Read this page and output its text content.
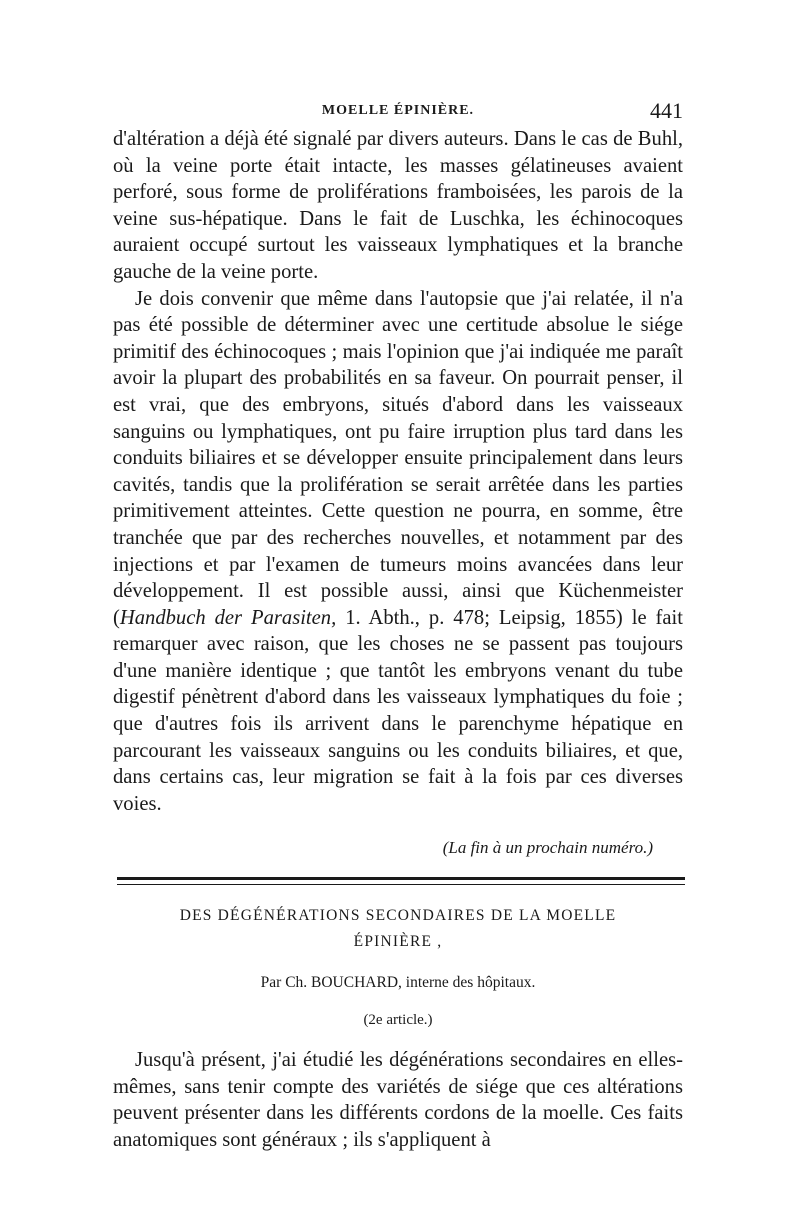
MOELLE ÉPINIÈRE.	441

d'altération a déjà été signalé par divers auteurs. Dans le cas de Buhl, où la veine porte était intacte, les masses gélatineuses avaient perforé, sous forme de proliférations framboisées, les parois de la veine sus-hépatique. Dans le fait de Luschka, les échinocoques auraient occupé surtout les vaisseaux lymphatiques et la branche gauche de la veine porte.

Je dois convenir que même dans l'autopsie que j'ai relatée, il n'a pas été possible de déterminer avec une certitude absolue le siége primitif des échinocoques ; mais l'opinion que j'ai indiquée me paraît avoir la plupart des probabilités en sa faveur. On pourrait penser, il est vrai, que des embryons, situés d'abord dans les vaisseaux sanguins ou lymphatiques, ont pu faire irruption plus tard dans les conduits biliaires et se développer ensuite principalement dans leurs cavités, tandis que la prolifération se serait arrêtée dans les parties primitivement atteintes. Cette question ne pourra, en somme, être tranchée que par des recherches nouvelles, et notamment par des injections et par l'examen de tumeurs moins avancées dans leur développement. Il est possible aussi, ainsi que Küchenmeister (Handbuch der Parasiten, 1. Abth., p. 478; Leipsig, 1855) le fait remarquer avec raison, que les choses ne se passent pas toujours d'une manière identique ; que tantôt les embryons venant du tube digestif pénètrent d'abord dans les vaisseaux lymphatiques du foie ; que d'autres fois ils arrivent dans le parenchyme hépatique en parcourant les vaisseaux sanguins ou les conduits biliaires, et que, dans certains cas, leur migration se fait à la fois par ces diverses voies.

(La fin à un prochain numéro.)
DES DÉGÉNÉRATIONS SECONDAIRES DE LA MOELLE
ÉPINIÈRE ,
Par Ch. BOUCHARD, interne des hôpitaux.
(2e article.)

Jusqu'à présent, j'ai étudié les dégénérations secondaires en elles-mêmes, sans tenir compte des variétés de siége que ces altérations peuvent présenter dans les différents cordons de la moelle. Ces faits anatomiques sont généraux ; ils s'appliquent à
